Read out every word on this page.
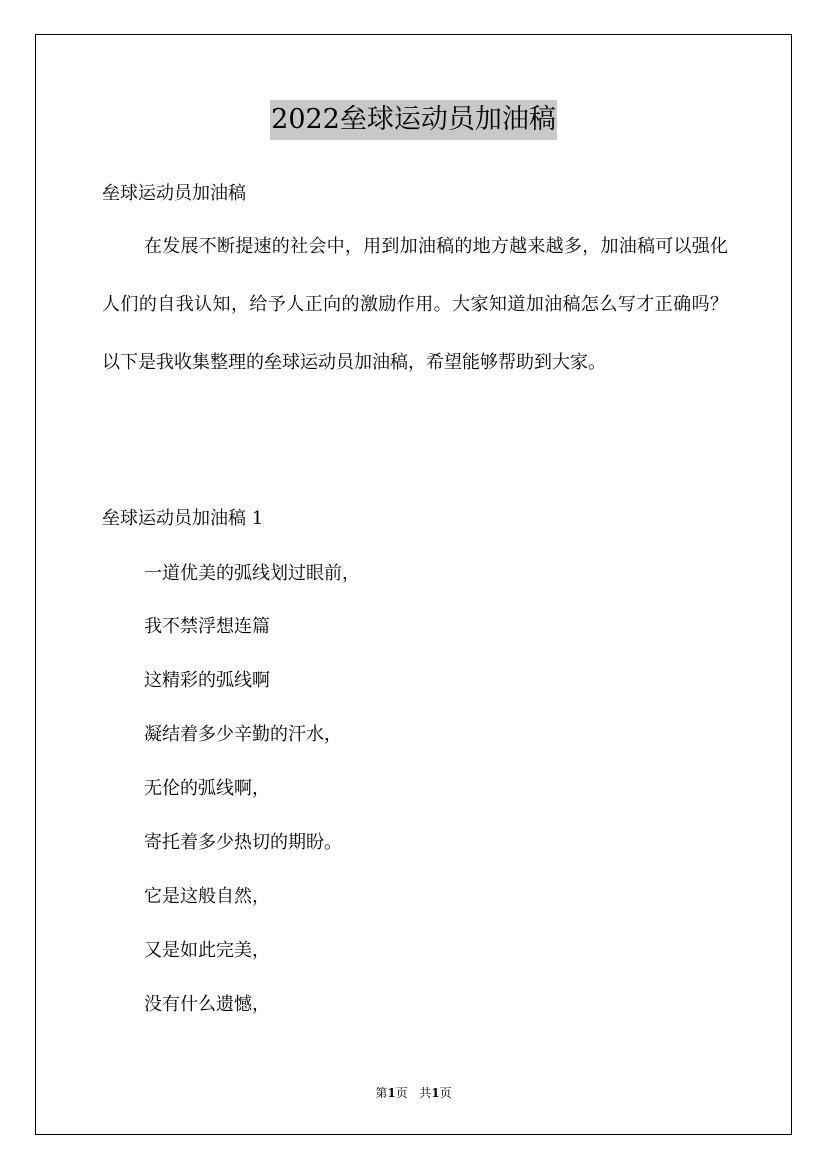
2022垒球运动员加油稿
垒球运动员加油稿
在发展不断提速的社会中，用到加油稿的地方越来越多，加油稿可以强化人们的自我认知，给予人正向的激励作用。大家知道加油稿怎么写才正确吗？以下是我收集整理的垒球运动员加油稿，希望能够帮助到大家。
垒球运动员加油稿 1
一道优美的弧线划过眼前，
我不禁浮想连篇
这精彩的弧线啊
凝结着多少辛勤的汗水，
无伦的弧线啊，
寄托着多少热切的期盼。
它是这般自然，
又是如此完美，
没有什么遗憾，
第1页 共1页
